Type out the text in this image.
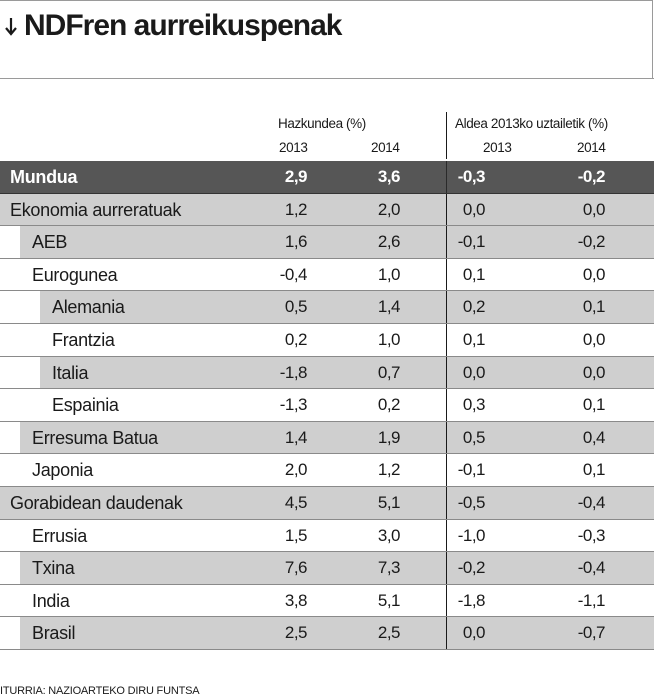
NDFren aurreikuspenak
Hazkundea (%)	Aldea 2013ko uztailetik (%)
2013	2014	2013	2014
Mundua	2,9	3,6	-0,3	-0,2
Ekonomia aurreratuak	1,2	2,0	0,0	0,0
AEB	1,6	2,6	-0,1	-0,2
Eurogunea	-0,4	1,0	0,1	0,0
Alemania	0,5	1,4	0,2	0,1
Frantzia	0,2	1,0	0,1	0,0
Italia	-1,8	0,7	0,0	0,0
Espainia	-1,3	0,2	0,3	0,1
Erresuma Batua	1,4	1,9	0,5	0,4
Japonia	2,0	1,2	-0,1	0,1
Gorabidean daudenak	4,5	5,1	-0,5	-0,4
Errusia	1,5	3,0	-1,0	-0,3
Txina	7,6	7,3	-0,2	-0,4
India	3,8	5,1	-1,8	-1,1
Brasil	2,5	2,5	0,0	-0,7
ITURRIA: NAZIOARTEKO DIRU FUNTSA
